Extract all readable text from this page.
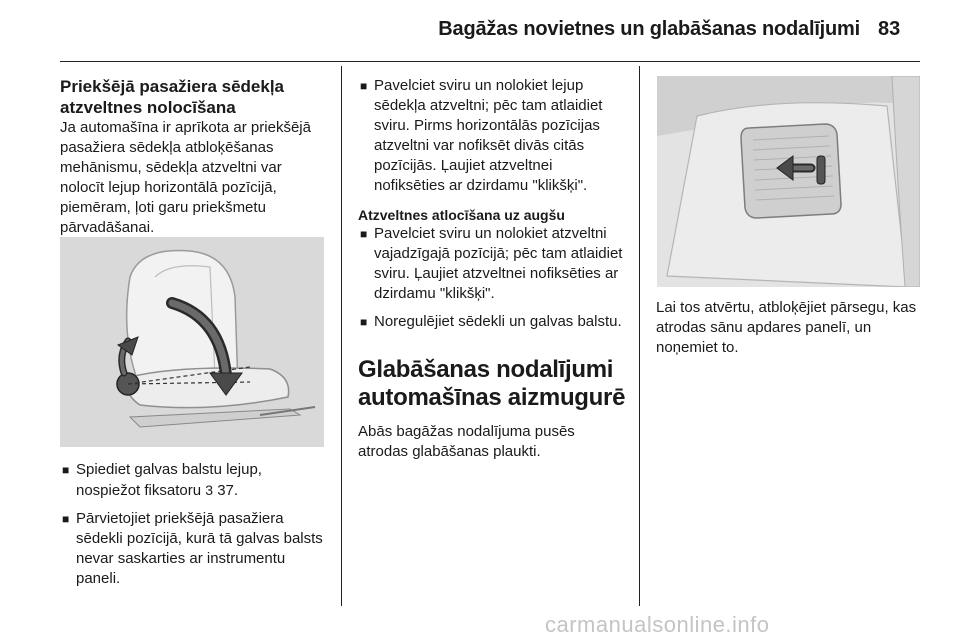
Bagāžas novietnes un glabāšanas nodalījumi 83
Priekšējā pasažiera sēdekļa
atzveltnes nolocīšana

Ja automašīna ir aprīkota ar priekšējā pasažiera sēdekļa atbloķēšanas mehānismu, sēdekļa atzveltni var nolocīt lejup horizontālā pozīcijā, piemēram, ļoti garu priekšmetu pārvadāšanai.

■ Spiediet galvas balstu lejup, nospiežot fiksatoru 3 37.
■ Pārvietojiet priekšējā pasažiera sēdekli pozīcijā, kurā tā galvas balsts nevar saskarties ar instrumentu paneli.
■ Pavelciet sviru un nolokiet lejup sēdekļa atzveltni; pēc tam atlaidiet sviru. Pirms horizontālās pozīcijas atzveltni var nofiksēt divās citās pozīcijās. Ļaujiet atzveltnei nofiksēties ar dzirdamu "klikšķi".
Atzveltnes atlocīšana uz augšu
■ Pavelciet sviru un nolokiet atzveltni vajadzīgajā pozīcijā; pēc tam atlaidiet sviru. Ļaujiet atzveltnei nofiksēties ar dzirdamu "klikšķi".
■ Noregulējiet sēdekli un galvas balstu.
Glabāšanas nodalījumi
automašīnas aizmugurē

Abās bagāžas nodalījuma pusēs atrodas glabāšanas plaukti.

Lai tos atvērtu, atbloķējiet pārsegu, kas atrodas sānu apdares panelī, un noņemiet to.

carmanualsonline.info
